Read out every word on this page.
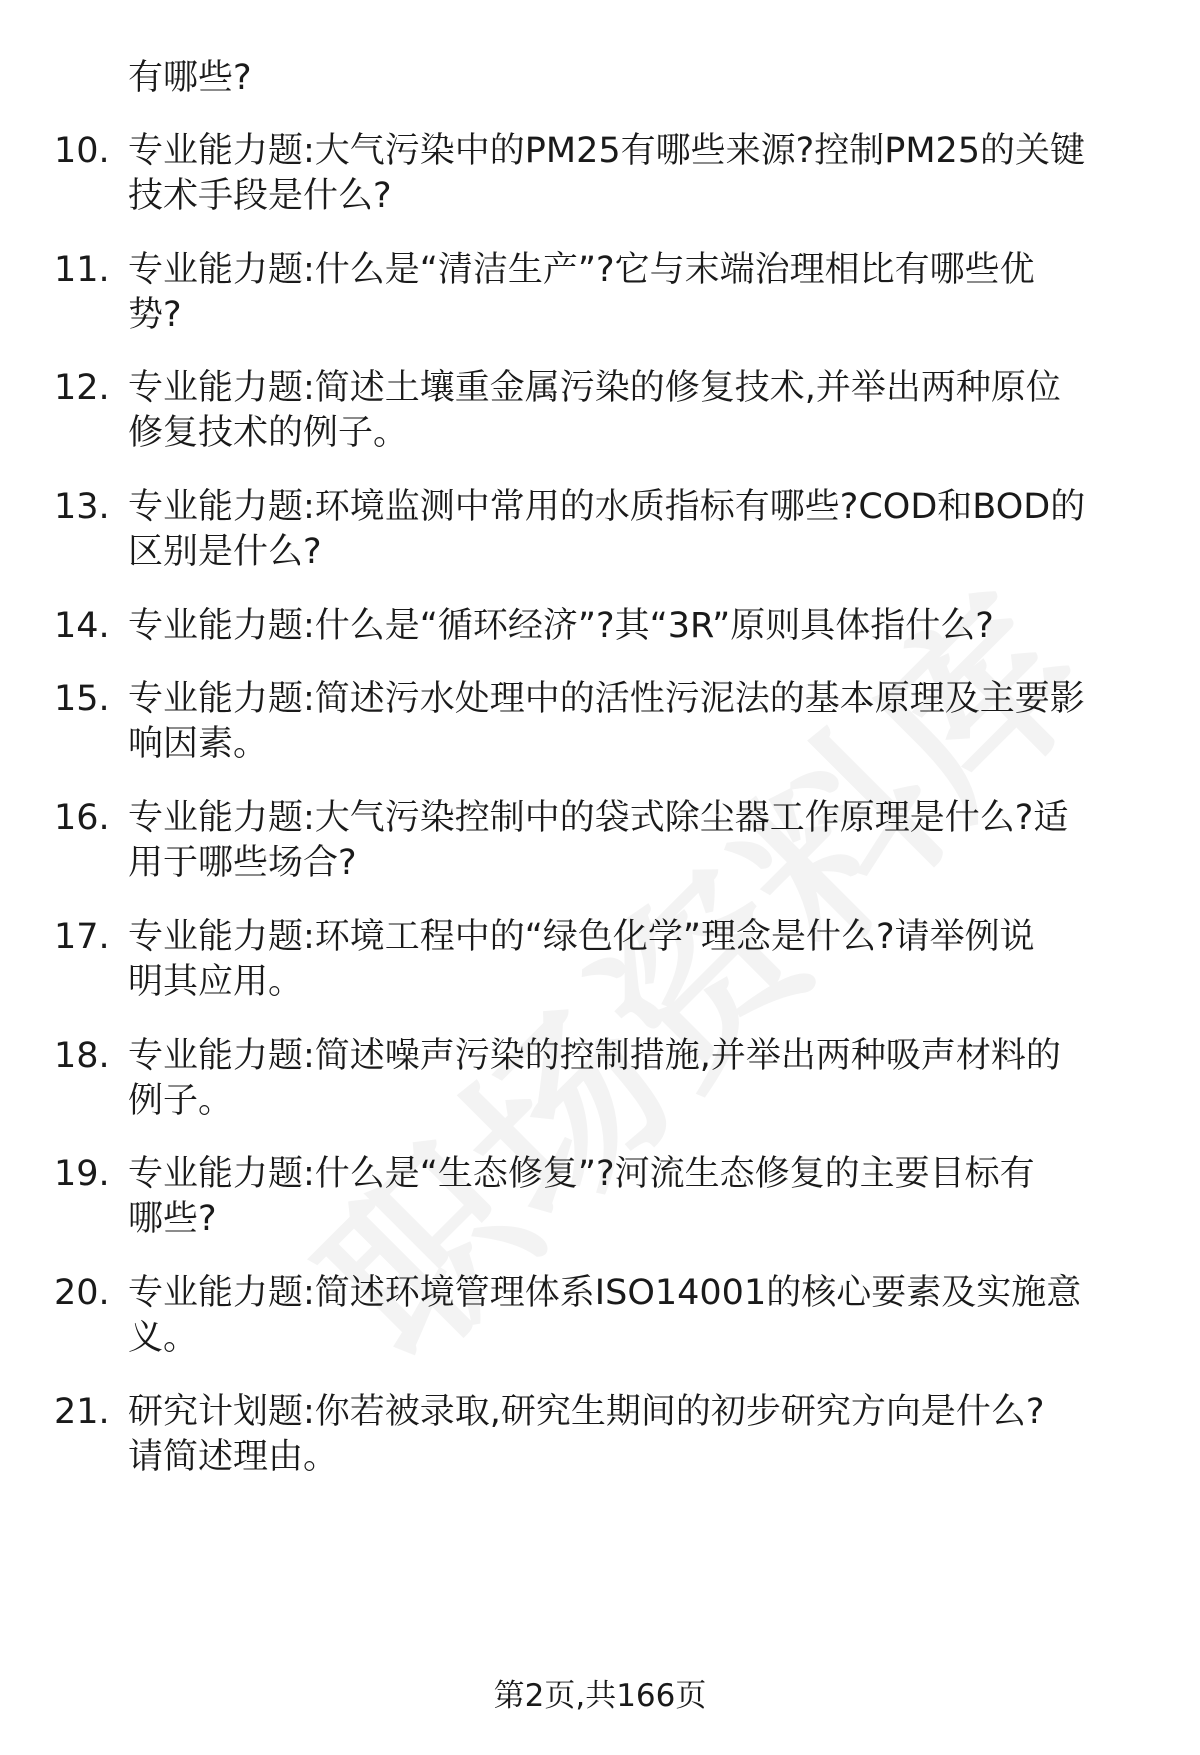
有哪些?
10. 专业能力题:大气污染中的PM25有哪些来源?控制PM25的关键
技术手段是什么?
11. 专业能力题:什么是“清洁生产”?它与末端治理相比有哪些优
势?
12. 专业能力题:简述土壤重金属污染的修复技术,并举出两种原位
修复技术的例子。
13. 专业能力题:环境监测中常用的水质指标有哪些?COD和BOD的
区别是什么?
14. 专业能力题:什么是“循环经济”?其“3R”原则具体指什么?
15. 专业能力题:简述污水处理中的活性污泥法的基本原理及主要影
响因素。
16. 专业能力题:大气污染控制中的袋式除尘器工作原理是什么?适
用于哪些场合?
17. 专业能力题:环境工程中的“绿色化学”理念是什么?请举例说
明其应用。
18. 专业能力题:简述噪声污染的控制措施,并举出两种吸声材料的
例子。
19. 专业能力题:什么是“生态修复”?河流生态修复的主要目标有
哪些?
20. 专业能力题:简述环境管理体系ISO14001的核心要素及实施意
义。
21. 研究计划题:你若被录取,研究生期间的初步研究方向是什么?
请简述理由。
第2页,共166页
